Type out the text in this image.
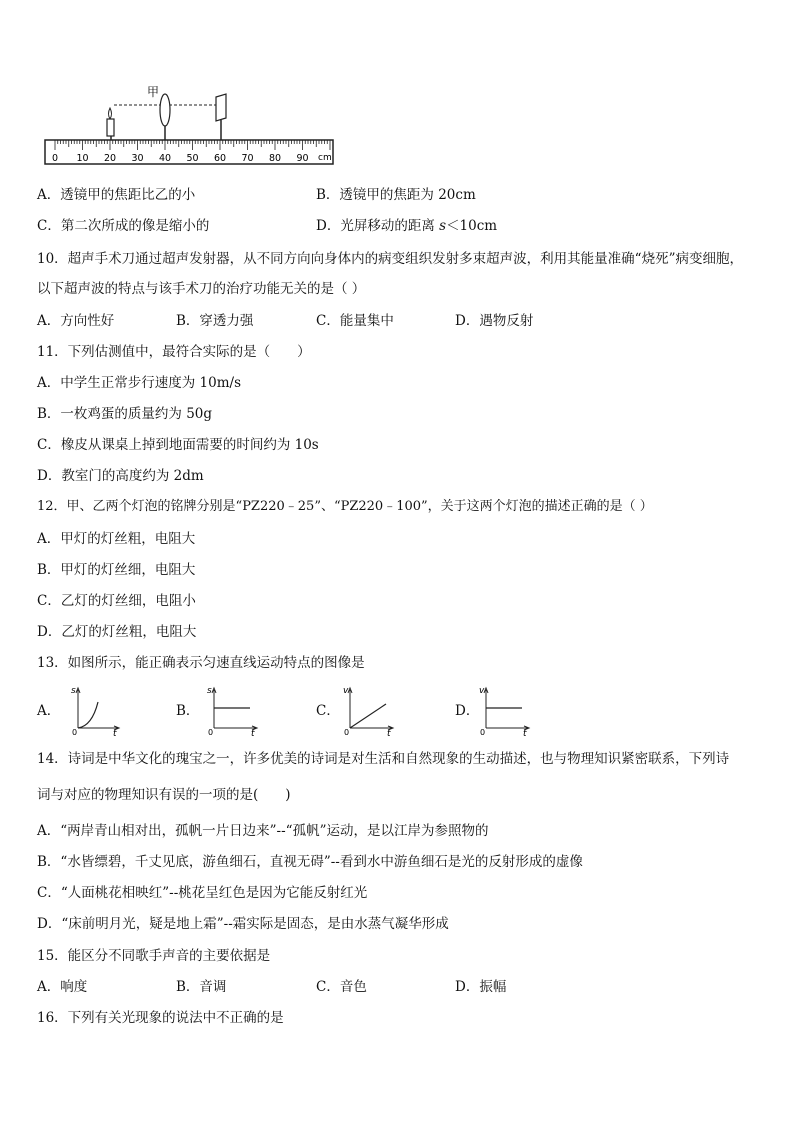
甲
0 10 20 30 40 50 60 70 80 90 cm
A．透镜甲的焦距比乙的小	B．透镜甲的焦距为 20cm
C．第二次所成的像是缩小的	D．光屏移动的距离 s＜10cm
10．超声手术刀通过超声发射器，从不同方向向身体内的病变组织发射多束超声波，利用其能量准确“烧死”病变细胞，
以下超声波的特点与该手术刀的治疗功能无关的是（ ）
A．方向性好	B．穿透力强	C．能量集中	D．遇物反射
11．下列估测值中，最符合实际的是（　　）
A．中学生正常步行速度为 10m/s
B．一枚鸡蛋的质量约为 50g
C．橡皮从课桌上掉到地面需要的时间约为 10s
D．教室门的高度约为 2dm
12．甲、乙两个灯泡的铭牌分别是“PZ220﹣25”、“PZ220﹣100”，关于这两个灯泡的描述正确的是（ ）
A．甲灯的灯丝粗，电阻大
B．甲灯的灯丝细，电阻大
C．乙灯的灯丝细，电阻小
D．乙灯的灯丝粗，电阻大
13．如图所示，能正确表示匀速直线运动特点的图像是
A．
s
t
0
B．
s
t
0
C．
v
t
0
D．
v
t
0
14．诗词是中华文化的瑰宝之一，许多优美的诗词是对生活和自然现象的生动描述，也与物理知识紧密联系，下列诗
词与对应的物理知识有误的一项的是(　　)
A．“两岸青山相对出，孤帆一片日边来”--“孤帆”运动，是以江岸为参照物的
B．“水皆缥碧，千丈见底，游鱼细石，直视无碍”--看到水中游鱼细石是光的反射形成的虚像
C．“人面桃花相映红”--桃花呈红色是因为它能反射红光
D．“床前明月光，疑是地上霜”--霜实际是固态，是由水蒸气凝华形成
15．能区分不同歌手声音的主要依据是
A．响度	B．音调	C．音色	D．振幅
16．下列有关光现象的说法中不正确的是
